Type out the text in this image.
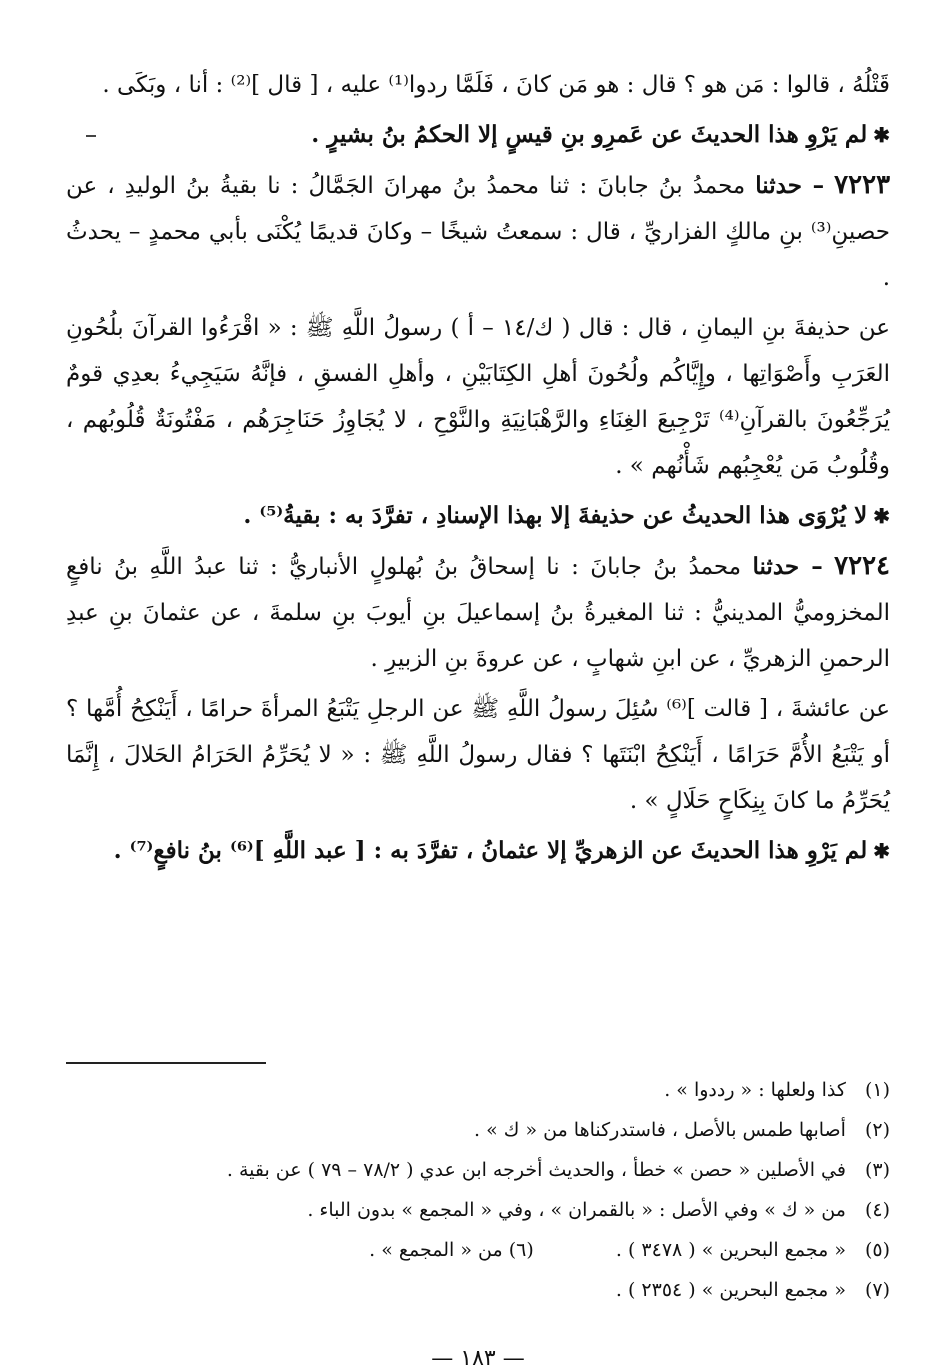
قَتْلُهُ ، قالوا : مَن هو ؟ قال : هو مَن كانَ ، فَلَمَّا ردوا⁽¹⁾ عليه ، [ قال ]⁽²⁾ : أنا ، وبَكَى .

✱لم يَرْوِ هذا الحديثَ عن عَمرِو بنِ قيسٍ إلا الحكمُ بنُ بشيرٍ .

٧٢٢٣ – حدثنا محمدُ بنُ جابانَ : ثنا محمدُ بنُ مهرانَ الجَمَّالُ : نا بقيةُ بنُ الوليدِ ، عن حصينِ⁽³⁾ بنِ مالكٍ الفزاريِّ ، قال : سمعتُ شيخًا – وكانَ قديمًا يُكْنَى بأبي محمدٍ – يحدثُ .

عن حذيفةَ بنِ اليمانِ ، قال : قال ( ك/١٤ – أ ) رسولُ اللَّهِ ﷺ : « اقْرَءُوا القرآنَ بلُحُونِ العَرَبِ وأَصْوَاتِها ، وإِيَّاكُم ولُحُونَ أهلِ الكِتَابَيْنِ ، وأهلِ الفسقِ ، فإنَّهُ سَيَجِيءُ بعدِي قومٌ يُرَجِّعُونَ بالقرآنِ⁽⁴⁾ تَرْجِيعَ الغِنَاءِ والرَّهْبَانِيَةِ والنَّوْحِ ، لا يُجَاوِزُ حَنَاجِرَهُم ، مَفْتُونَةٌ قُلُوبُهم ، وقُلُوبُ مَن يُعْجِبُهم شَأْنُهم » .

✱لا يُرْوَى هذا الحديثُ عن حذيفةَ إلا بهذا الإسنادِ ، تفرَّدَ به : بقيةُ⁽⁵⁾ .

٧٢٢٤ – حدثنا محمدُ بنُ جابانَ : نا إسحاقُ بنُ بُهلولٍ الأنباريُّ : ثنا عبدُ اللَّهِ بنُ نافعٍ المخزوميُّ المدينيُّ : ثنا المغيرةُ بنُ إسماعيلَ بنِ أيوبَ بنِ سلمةَ ، عن عثمانَ بنِ عبدِ الرحمنِ الزهريِّ ، عن ابنِ شهابٍ ، عن عروةَ بنِ الزبيرِ .

عن عائشةَ ، [ قالت ]⁽⁶⁾ سُئِلَ رسولُ اللَّهِ ﷺ عن الرجلِ يَتْبَعُ المرأةَ حرامًا ، أَيَنْكِحُ أُمَّها ؟ أو يَتْبَعُ الأُمَّ حَرَامًا ، أَيَنْكِحُ ابْنَتَها ؟ فقال رسولُ اللَّهِ ﷺ : « لا يُحَرِّمُ الحَرَامُ الحَلالَ ، إِنَّمَا يُحَرِّمُ ما كانَ بِنِكَاحٍ حَلَالٍ » .

✱لم يَرْوِ هذا الحديثَ عن الزهريِّ إلا عثمانُ ، تفرَّدَ به : [ عبد اللَّهِ ]⁽⁶⁾ بنُ نافعٍ⁽⁷⁾ .

(١) كذا ولعلها : « رددوا » .

(٢) أصابها طمس بالأصل ، فاستدركناها من « ك » .

(٣) في الأصلين « حصن » خطأ ، والحديث أخرجه ابن عدي ( ٧٨/٢ – ٧٩ ) عن بقية .

(٤) من « ك » وفي الأصل : « بالقمران » ، وفي « المجمع » بدون الباء .

(٥) « مجمع البحرين » ( ٣٤٧٨ ) .  (٦) من « المجمع » .

(٧) « مجمع البحرين » ( ٢٣٥٤ ) .

— ١٨٣ —
